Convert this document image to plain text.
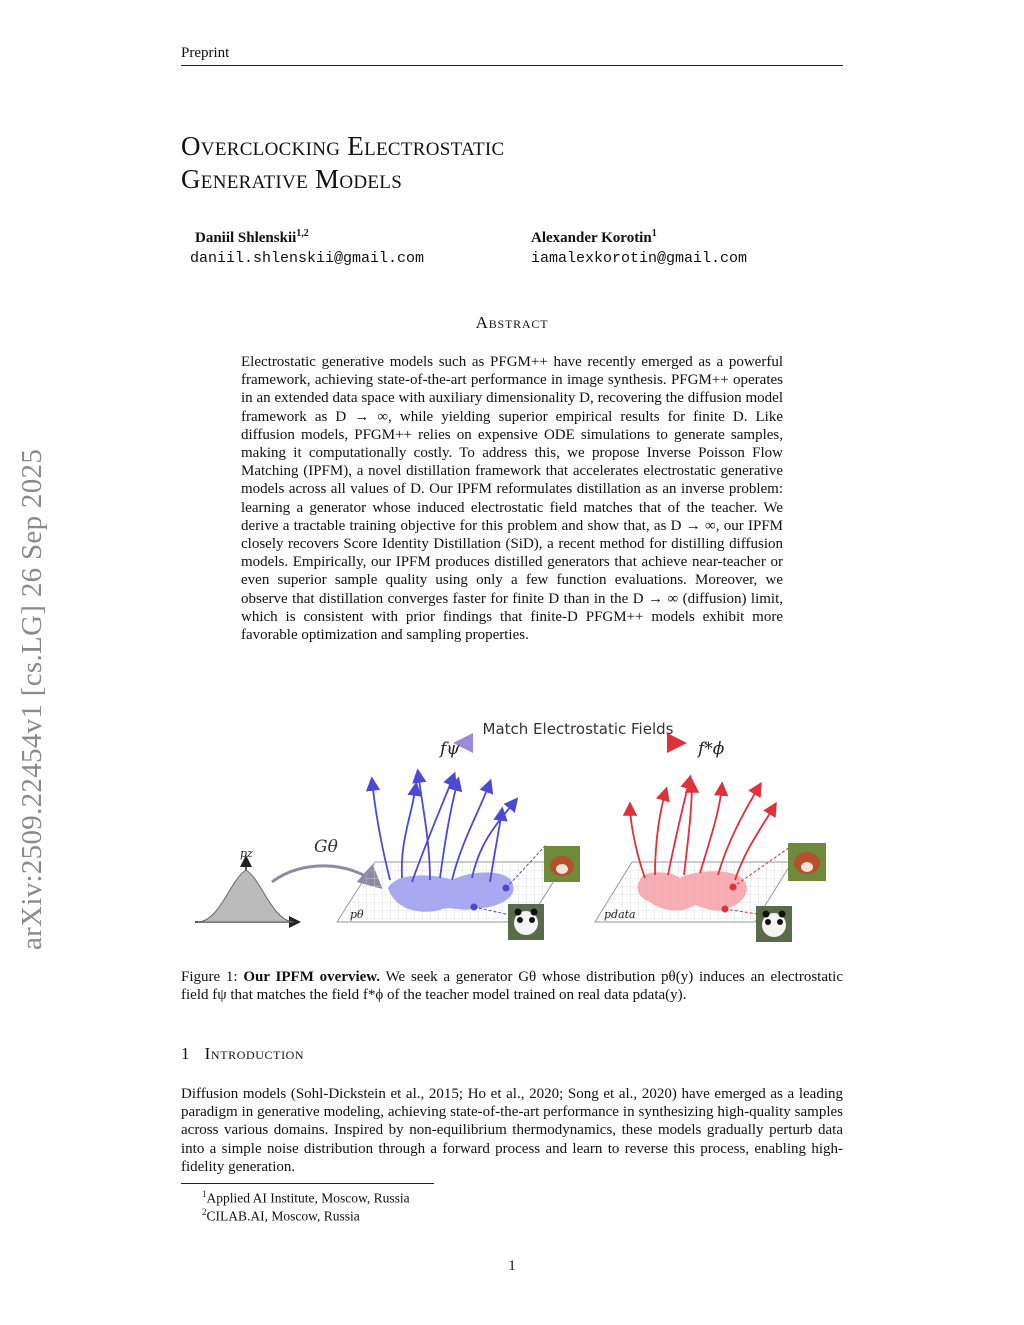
Preprint
arXiv:2509.22454v1 [cs.LG] 26 Sep 2025
Overclocking Electrostatic
Generative Models
Daniil Shlenskii$^{1,2}$
daniil.shlenskii@gmail.com
Alexander Korotin$^1$
iamalexkorotin@gmail.com
Abstract
Electrostatic generative models such as PFGM++ have recently emerged as a powerful framework, achieving state-of-the-art performance in image synthesis. PFGM++ operates in an extended data space with auxiliary dimensionality D, recovering the diffusion model framework as D → ∞, while yielding superior empirical results for finite D. Like diffusion models, PFGM++ relies on expensive ODE simulations to generate samples, making it computationally costly. To address this, we propose Inverse Poisson Flow Matching (IPFM), a novel distillation framework that accelerates electrostatic generative models across all values of D. Our IPFM reformulates distillation as an inverse problem: learning a generator whose induced electrostatic field matches that of the teacher. We derive a tractable training objective for this problem and show that, as D → ∞, our IPFM closely recovers Score Identity Distillation (SiD), a recent method for distilling diffusion models. Empirically, our IPFM produces distilled generators that achieve near-teacher or even superior sample quality using only a few function evaluations. Moreover, we observe that distillation converges faster for finite D than in the D → ∞ (diffusion) limit, which is consistent with prior findings that finite-D PFGM++ models exhibit more favorable optimization and sampling properties.
Match Electrostatic Fields
fψ	f*ϕ
pz	Gθ
pθ	pdata
Figure 1: Our IPFM overview. We seek a generator Gθ whose distribution pθ(y) induces an electrostatic field fψ that matches the field f*ϕ of the teacher model trained on real data pdata(y).
1 Introduction
Diffusion models (Sohl-Dickstein et al., 2015; Ho et al., 2020; Song et al., 2020) have emerged as a leading paradigm in generative modeling, achieving state-of-the-art performance in synthesizing high-quality samples across various domains. Inspired by non-equilibrium thermodynamics, these models gradually perturb data into a simple noise distribution through a forward process and learn to reverse this process, enabling high-fidelity generation.
$^1$Applied AI Institute, Moscow, Russia
$^2$CILAB.AI, Moscow, Russia
1
